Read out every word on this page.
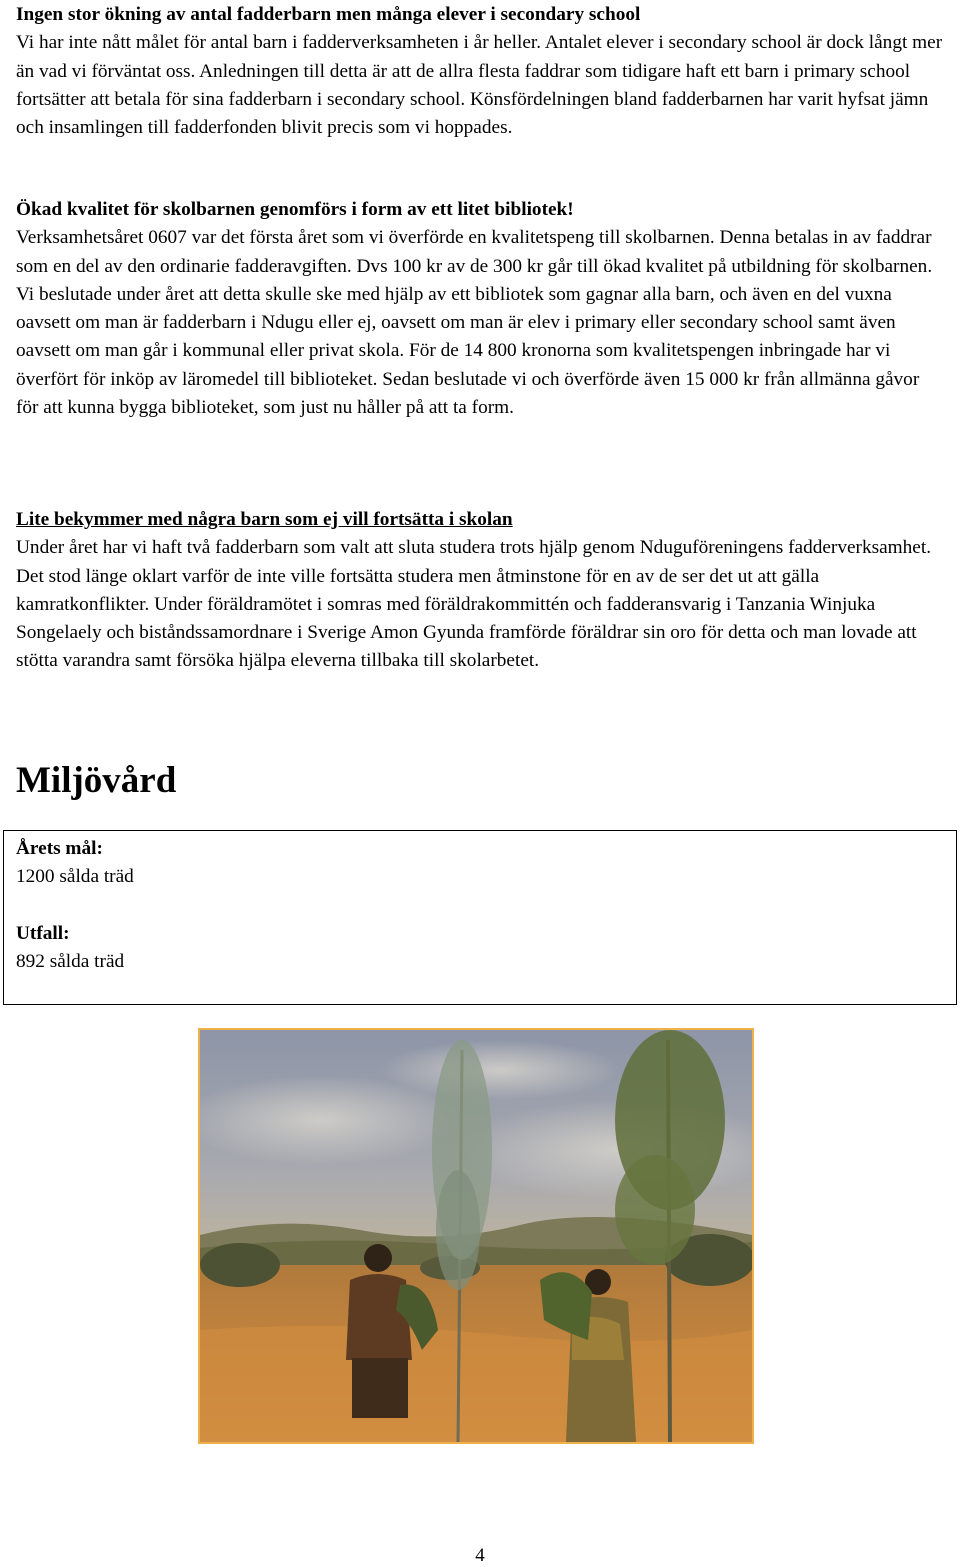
Ingen stor ökning av antal fadderbarn men många elever i secondary school

Vi har inte nått målet för antal barn i fadderverksamheten i år heller. Antalet elever i secondary school är dock långt mer än vad vi förväntat oss. Anledningen till detta är att de allra flesta faddrar som tidigare haft ett barn i primary school fortsätter att betala för sina fadderbarn i secondary school. Könsfördelningen bland fadderbarnen har varit hyfsat jämn och insamlingen till fadderfonden blivit precis som vi hoppades.

Ökad kvalitet för skolbarnen genomförs i form av ett litet bibliotek!

Verksamhetsåret 0607 var det första året som vi överförde en kvalitetspeng till skolbarnen. Denna betalas in av faddrar som en del av den ordinarie fadderavgiften. Dvs 100 kr av de 300 kr går till ökad kvalitet på utbildning för skolbarnen. Vi beslutade under året att detta skulle ske med hjälp av ett bibliotek som gagnar alla barn, och även en del vuxna oavsett om man är fadderbarn i Ndugu eller ej, oavsett om man är elev i primary eller secondary school samt även oavsett om man går i kommunal eller privat skola. För de 14 800 kronorna som kvalitetspengen inbringade har vi överfört för inköp av läromedel till biblioteket. Sedan beslutade vi och överförde även 15 000 kr från allmänna gåvor för att kunna bygga biblioteket, som just nu håller på att ta form.

Lite bekymmer med några barn som ej vill fortsätta i skolan

Under året har vi haft två fadderbarn som valt att sluta studera trots hjälp genom Nduguföreningens fadderverksamhet. Det stod länge oklart varför de inte ville fortsätta studera men åtminstone för en av de ser det ut att gälla kamratkonflikter. Under föräldramötet i somras med föräldrakommittén och fadderansvarig i Tanzania Winjuka Songelaely och biståndssamordnare i Sverige Amon Gyunda framförde föräldrar sin oro för detta och man lovade att stötta varandra samt försöka hjälpa eleverna tillbaka till skolarbetet.

Miljövård
Årets mål:
1200 sålda träd
Utfall:
892 sålda träd
4
